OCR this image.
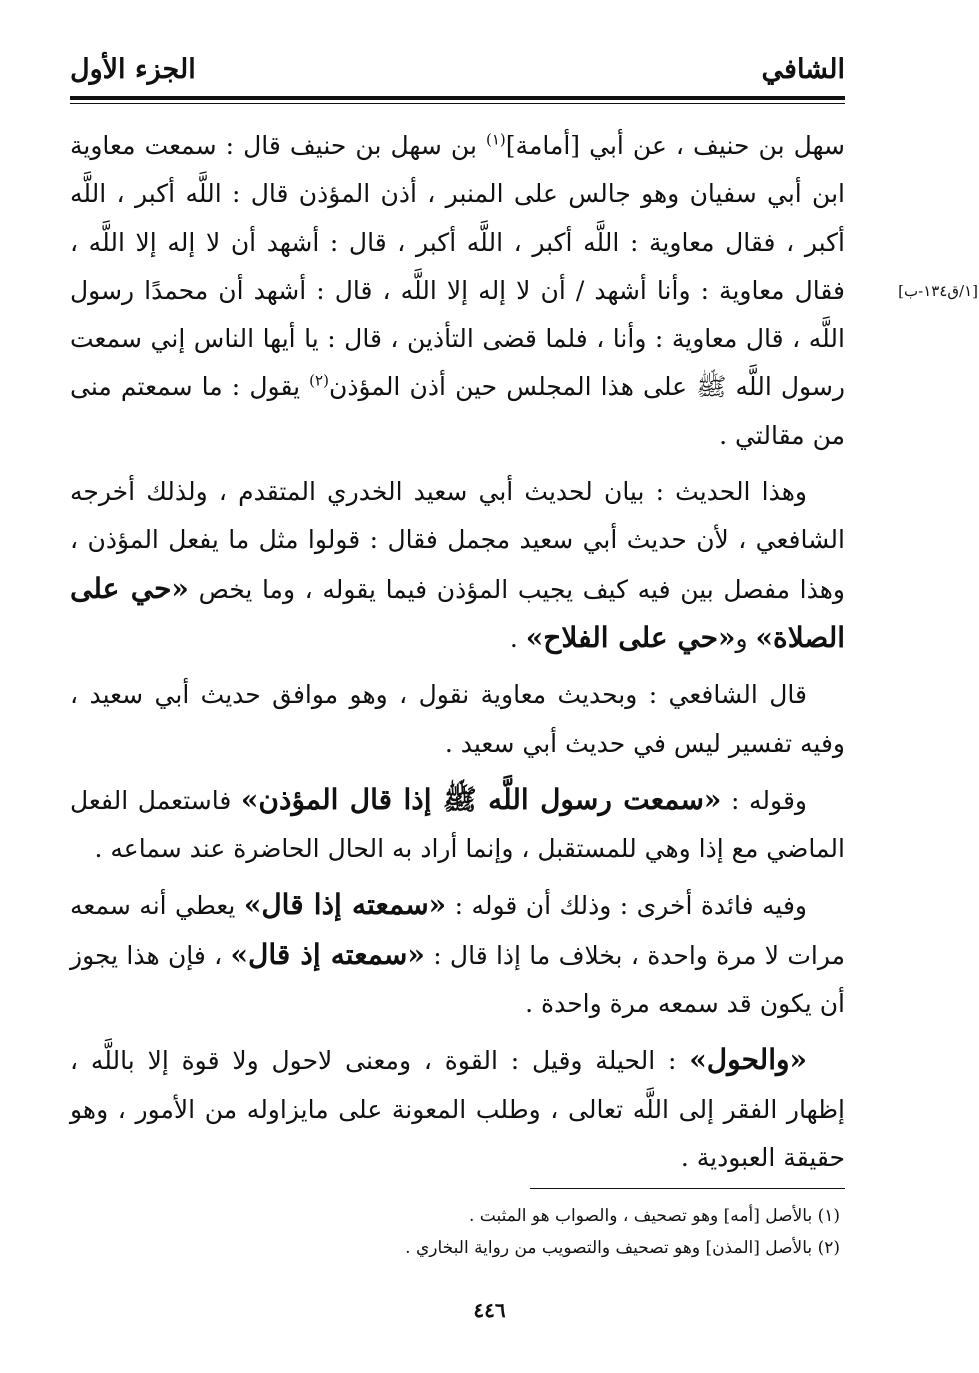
الشافي
الجزء الأول
[١/ق١٣٤-ب]

سهل بن حنيف ، عن أبي [أمامة]$^{(١)}$ بن سهل بن حنيف قال : سمعت معاوية ابن أبي سفيان وهو جالس على المنبر ، أذن المؤذن قال : اللَّه أكبر ، اللَّه أكبر ، فقال معاوية : اللَّه أكبر ، اللَّه أكبر ، قال : أشهد أن لا إله إلا اللَّه ، فقال معاوية : وأنا أشهد / أن لا إله إلا اللَّه ، قال : أشهد أن محمدًا رسول اللَّه ، قال معاوية : وأنا ، فلما قضى التأذين ، قال : يا أيها الناس إني سمعت رسول اللَّه ﷺ على هذا المجلس حين أذن المؤذن$^{(٢)}$ يقول : ما سمعتم منى من مقالتي .

وهذا الحديث : بيان لحديث أبي سعيد الخدري المتقدم ، ولذلك أخرجه الشافعي ، لأن حديث أبي سعيد مجمل فقال : قولوا مثل ما يفعل المؤذن ، وهذا مفصل بين فيه كيف يجيب المؤذن فيما يقوله ، وما يخص «حي على الصلاة» و«حي على الفلاح» .

قال الشافعي : وبحديث معاوية نقول ، وهو موافق حديث أبي سعيد ، وفيه تفسير ليس في حديث أبي سعيد .

وقوله : «سمعت رسول اللَّه ﷺ إذا قال المؤذن» فاستعمل الفعل الماضي مع إذا وهي للمستقبل ، وإنما أراد به الحال الحاضرة عند سماعه .

وفيه فائدة أخرى : وذلك أن قوله : «سمعته إذا قال» يعطي أنه سمعه مرات لا مرة واحدة ، بخلاف ما إذا قال : «سمعته إذ قال» ، فإن هذا يجوز أن يكون قد سمعه مرة واحدة .

«والحول» : الحيلة وقيل : القوة ، ومعنى لاحول ولا قوة إلا باللَّه ، إظهار الفقر إلى اللَّه تعالى ، وطلب المعونة على مايزاوله من الأمور ، وهو حقيقة العبودية .

(١) بالأصل [أمه] وهو تصحيف ، والصواب هو المثبت .
(٢) بالأصل [المذن] وهو تصحيف والتصويب من رواية البخاري .
٤٤٦
